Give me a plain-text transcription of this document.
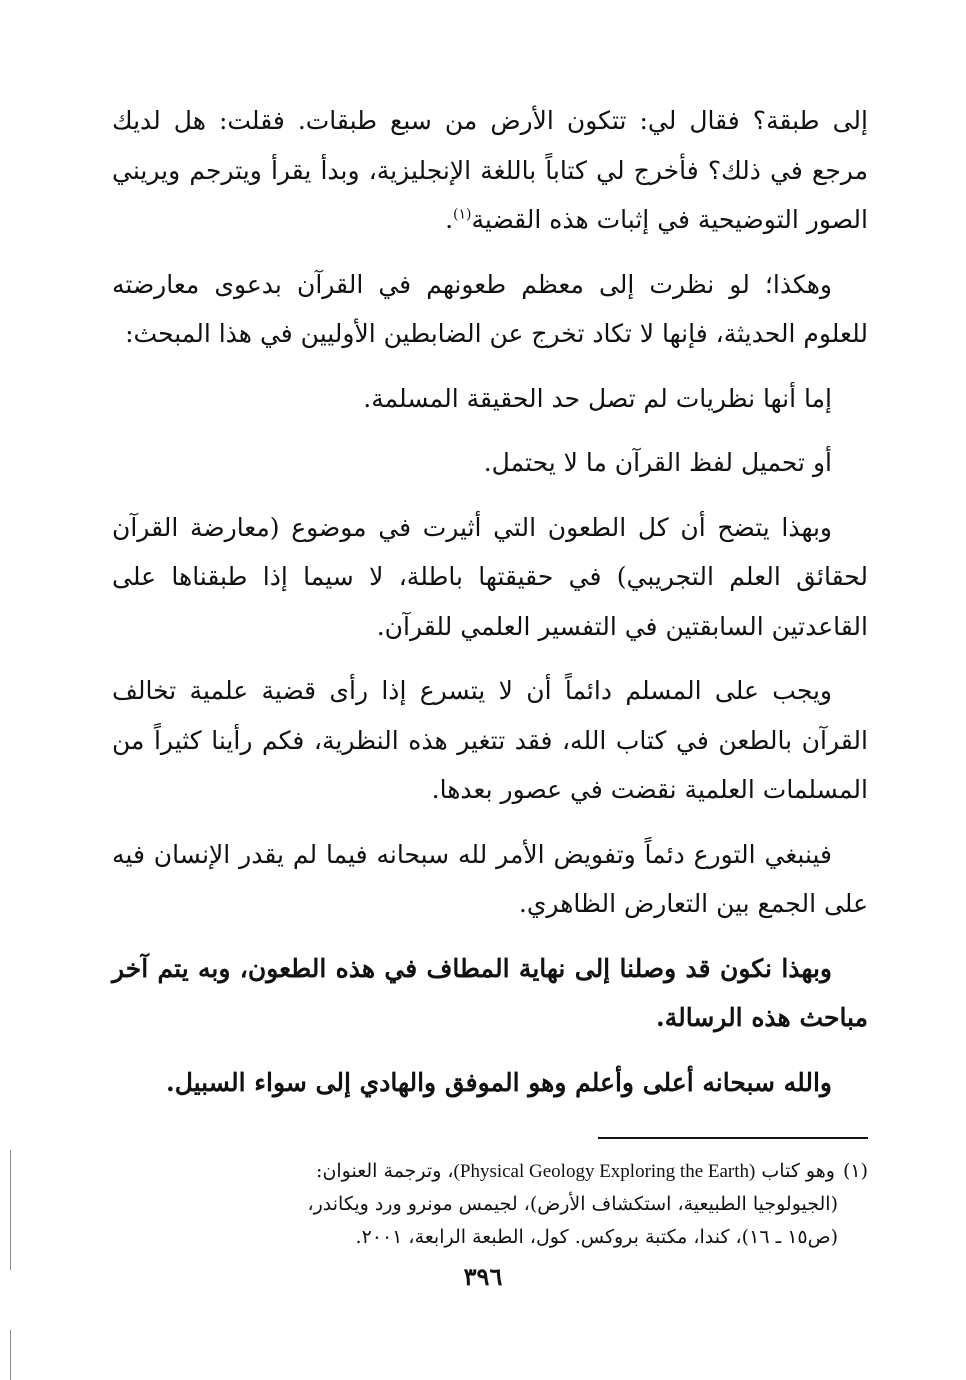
إلى طبقة؟ فقال لي: تتكون الأرض من سبع طبقات. فقلت: هل لديك مرجع في ذلك؟ فأخرج لي كتاباً باللغة الإنجليزية، وبدأ يقرأ ويترجم ويريني الصور التوضيحية في إثبات هذه القضية$^{(١)}$.

وهكذا؛ لو نظرت إلى معظم طعونهم في القرآن بدعوى معارضته للعلوم الحديثة، فإنها لا تكاد تخرج عن الضابطين الأوليين في هذا المبحث:

إما أنها نظريات لم تصل حد الحقيقة المسلمة.

أو تحميل لفظ القرآن ما لا يحتمل.

وبهذا يتضح أن كل الطعون التي أثيرت في موضوع (معارضة القرآن لحقائق العلم التجريبي) في حقيقتها باطلة، لا سيما إذا طبقناها على القاعدتين السابقتين في التفسير العلمي للقرآن.

ويجب على المسلم دائماً أن لا يتسرع إذا رأى قضية علمية تخالف القرآن بالطعن في كتاب الله، فقد تتغير هذه النظرية، فكم رأينا كثيراً من المسلمات العلمية نقضت في عصور بعدها.

فينبغي التورع دئماً وتفويض الأمر لله سبحانه فيما لم يقدر الإنسان فيه على الجمع بين التعارض الظاهري.

وبهذا نكون قد وصلنا إلى نهاية المطاف في هذه الطعون، وبه يتم آخر مباحث هذه الرسالة.

والله سبحانه أعلى وأعلم وهو الموفق والهادي إلى سواء السبيل.

(١)وهو كتاب (Physical Geology Exploring the Earth)، وترجمة العنوان:
(الجيولوجيا الطبيعية، استكشاف الأرض)، لجيمس مونرو ورد ويكاندر،
(ص١٥ ـ ١٦)، كندا، مكتبة بروكس. كول، الطبعة الرابعة، ٢٠٠١.

٣٩٦
